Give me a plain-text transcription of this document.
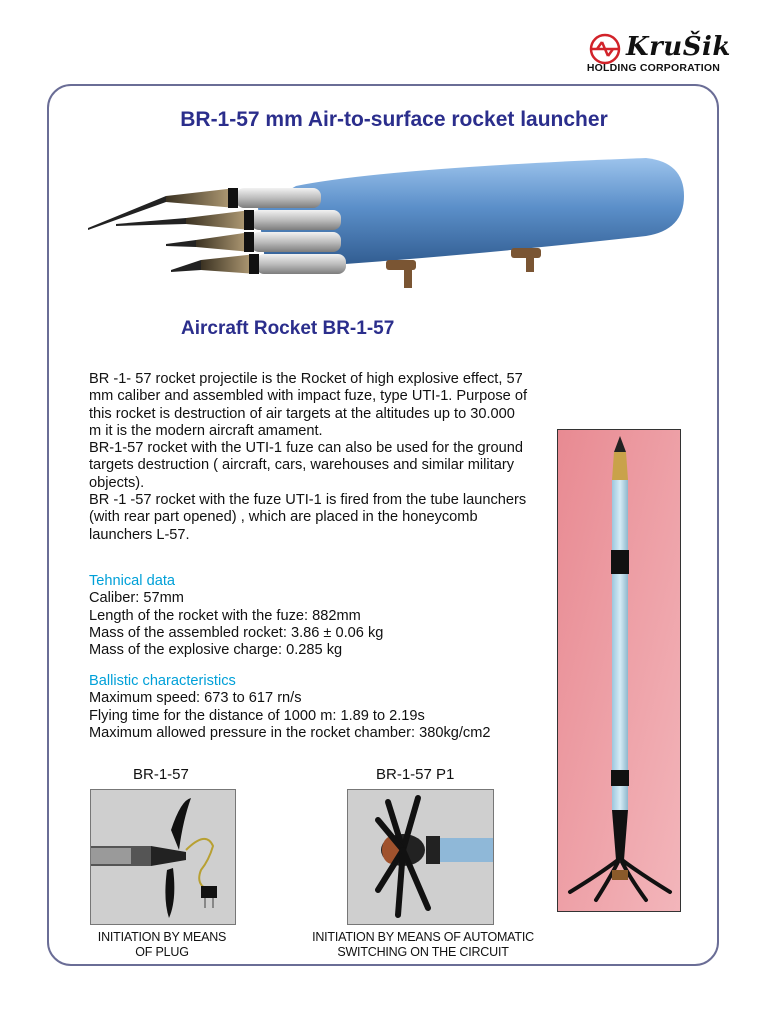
KruŠik
HOLDING CORPORATION
BR-1-57 mm Air-to-surface rocket launcher
Aircraft Rocket BR-1-57

BR -1- 57 rocket projectile is the Rocket of high explosive effect, 57 mm caliber and assembled with impact fuze, type UTI-1. Purpose of this rocket is destruction of air targets at the altitudes up to 30.000 m it is the modern aircraft amament.

BR-1-57 rocket with the UTI-1 fuze can also be used for the ground targets destruction ( aircraft, cars, warehouses and similar military objects).

BR -1 -57 rocket with the fuze UTI-1 is fired from the tube launchers (with rear part opened) , which are placed in the honeycomb launchers L-57.

Tehnical data

Caliber: 57mm

Length of the rocket with the fuze: 882mm

Mass of the assembled rocket: 3.86 ± 0.06 kg

Mass of the explosive charge: 0.285 kg

Ballistic characteristics

Maximum speed: 673 to 617 rn/s

Flying time for the distance of 1000 m: 1.89 to 2.19s

Maximum allowed pressure in the rocket chamber: 380kg/cm2

BR-1-57
INITIATION BY MEANS
OF PLUG
BR-1-57 P1
INITIATION BY MEANS OF AUTOMATIC
SWITCHING ON THE CIRCUIT
